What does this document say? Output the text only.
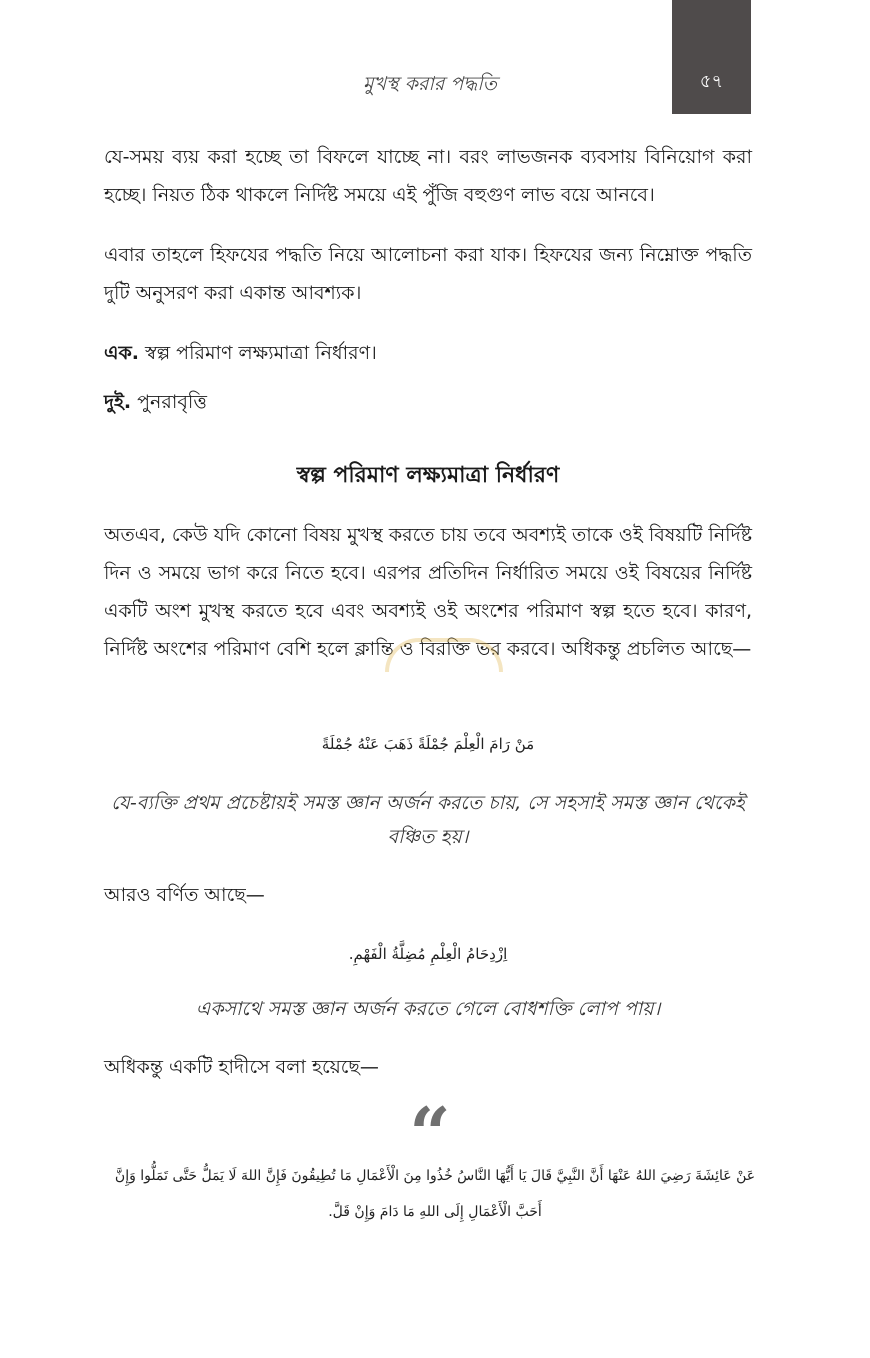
৫৭
মুখস্থ করার পদ্ধতি
যে-সময় ব্যয় করা হচ্ছে তা বিফলে যাচ্ছে না। বরং লাভজনক ব্যবসায় বিনিয়োগ করা হচ্ছে। নিয়ত ঠিক থাকলে নির্দিষ্ট সময়ে এই পুঁজি বহুগুণ লাভ বয়ে আনবে।
এবার তাহলে হিফযের পদ্ধতি নিয়ে আলোচনা করা যাক। হিফযের জন্য নিম্নোক্ত পদ্ধতি দুটি অনুসরণ করা একান্ত আবশ্যক।
এক. স্বল্প পরিমাণ লক্ষ্যমাত্রা নির্ধারণ।
দুই. পুনরাবৃত্তি
স্বল্প পরিমাণ লক্ষ্যমাত্রা নির্ধারণ
অতএব, কেউ যদি কোনো বিষয় মুখস্থ করতে চায় তবে অবশ্যই তাকে ওই বিষয়টি নির্দিষ্ট দিন ও সময়ে ভাগ করে নিতে হবে। এরপর প্রতিদিন নির্ধারিত সময়ে ওই বিষয়ের নির্দিষ্ট একটি অংশ মুখস্থ করতে হবে এবং অবশ্যই ওই অংশের পরিমাণ স্বল্প হতে হবে। কারণ, নির্দিষ্ট অংশের পরিমাণ বেশি হলে ক্লান্তি ও বিরক্তি ভর করবে। অধিকন্তু প্রচলিত আছে—
مَنْ رَامَ الْعِلْمَ جُمْلَةً ذَهَبَ عَنْهُ جُمْلَةً
যে-ব্যক্তি প্রথম প্রচেষ্টায়ই সমস্ত জ্ঞান অর্জন করতে চায়, সে সহসাই সমস্ত জ্ঞান থেকেই বঞ্চিত হয়।
আরও বর্ণিত আছে—
اِزْدِحَامُ الْعِلْمِ مُضِلَّةُ الْفَهْمِ.
একসাথে সমস্ত জ্ঞান অর্জন করতে গেলে বোধশক্তি লোপ পায়।
অধিকন্তু একটি হাদীসে বলা হয়েছে—
“
عَنْ عَائِشَةَ رَضِيَ اللهُ عَنْهَا أَنَّ النَّبِيَّ قَالَ يَا أَيُّهَا النَّاسُ خُذُوا مِنَ الْأَعْمَالِ مَا تُطِيقُونَ فَإِنَّ اللهَ لَا يَمَلُّ حَتَّى تَمَلُّوا وَإِنَّ أَحَبَّ الْأَعْمَالِ إِلَى اللهِ مَا دَامَ وَإِنْ قَلَّ.
